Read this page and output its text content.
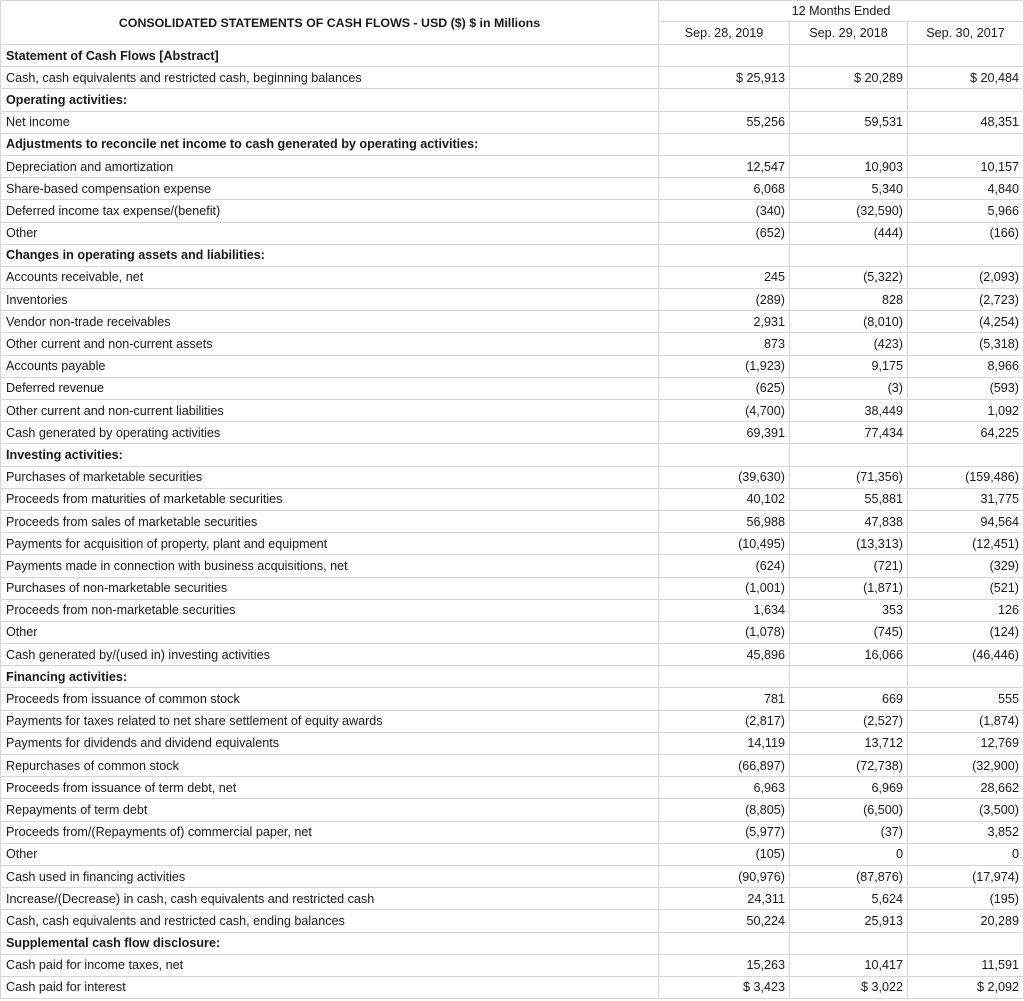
CONSOLIDATED STATEMENTS OF CASH FLOWS - USD ($) $ in Millions	12 Months Ended		
	Sep. 28, 2019	Sep. 29, 2018	Sep. 30, 2017
Statement of Cash Flows [Abstract]			
Cash, cash equivalents and restricted cash, beginning balances	$ 25,913	$ 20,289	$ 20,484
Operating activities:			
Net income	55,256	59,531	48,351
Adjustments to reconcile net income to cash generated by operating activities:			
Depreciation and amortization	12,547	10,903	10,157
Share-based compensation expense	6,068	5,340	4,840
Deferred income tax expense/(benefit)	(340)	(32,590)	5,966
Other	(652)	(444)	(166)
Changes in operating assets and liabilities:			
Accounts receivable, net	245	(5,322)	(2,093)
Inventories	(289)	828	(2,723)
Vendor non-trade receivables	2,931	(8,010)	(4,254)
Other current and non-current assets	873	(423)	(5,318)
Accounts payable	(1,923)	9,175	8,966
Deferred revenue	(625)	(3)	(593)
Other current and non-current liabilities	(4,700)	38,449	1,092
Cash generated by operating activities	69,391	77,434	64,225
Investing activities:			
Purchases of marketable securities	(39,630)	(71,356)	(159,486)
Proceeds from maturities of marketable securities	40,102	55,881	31,775
Proceeds from sales of marketable securities	56,988	47,838	94,564
Payments for acquisition of property, plant and equipment	(10,495)	(13,313)	(12,451)
Payments made in connection with business acquisitions, net	(624)	(721)	(329)
Purchases of non-marketable securities	(1,001)	(1,871)	(521)
Proceeds from non-marketable securities	1,634	353	126
Other	(1,078)	(745)	(124)
Cash generated by/(used in) investing activities	45,896	16,066	(46,446)
Financing activities:			
Proceeds from issuance of common stock	781	669	555
Payments for taxes related to net share settlement of equity awards	(2,817)	(2,527)	(1,874)
Payments for dividends and dividend equivalents	14,119	13,712	12,769
Repurchases of common stock	(66,897)	(72,738)	(32,900)
Proceeds from issuance of term debt, net	6,963	6,969	28,662
Repayments of term debt	(8,805)	(6,500)	(3,500)
Proceeds from/(Repayments of) commercial paper, net	(5,977)	(37)	3,852
Other	(105)	0	0
Cash used in financing activities	(90,976)	(87,876)	(17,974)
Increase/(Decrease) in cash, cash equivalents and restricted cash	24,311	5,624	(195)
Cash, cash equivalents and restricted cash, ending balances	50,224	25,913	20,289
Supplemental cash flow disclosure:			
Cash paid for income taxes, net	15,263	10,417	11,591
Cash paid for interest	$ 3,423	$ 3,022	$ 2,092
